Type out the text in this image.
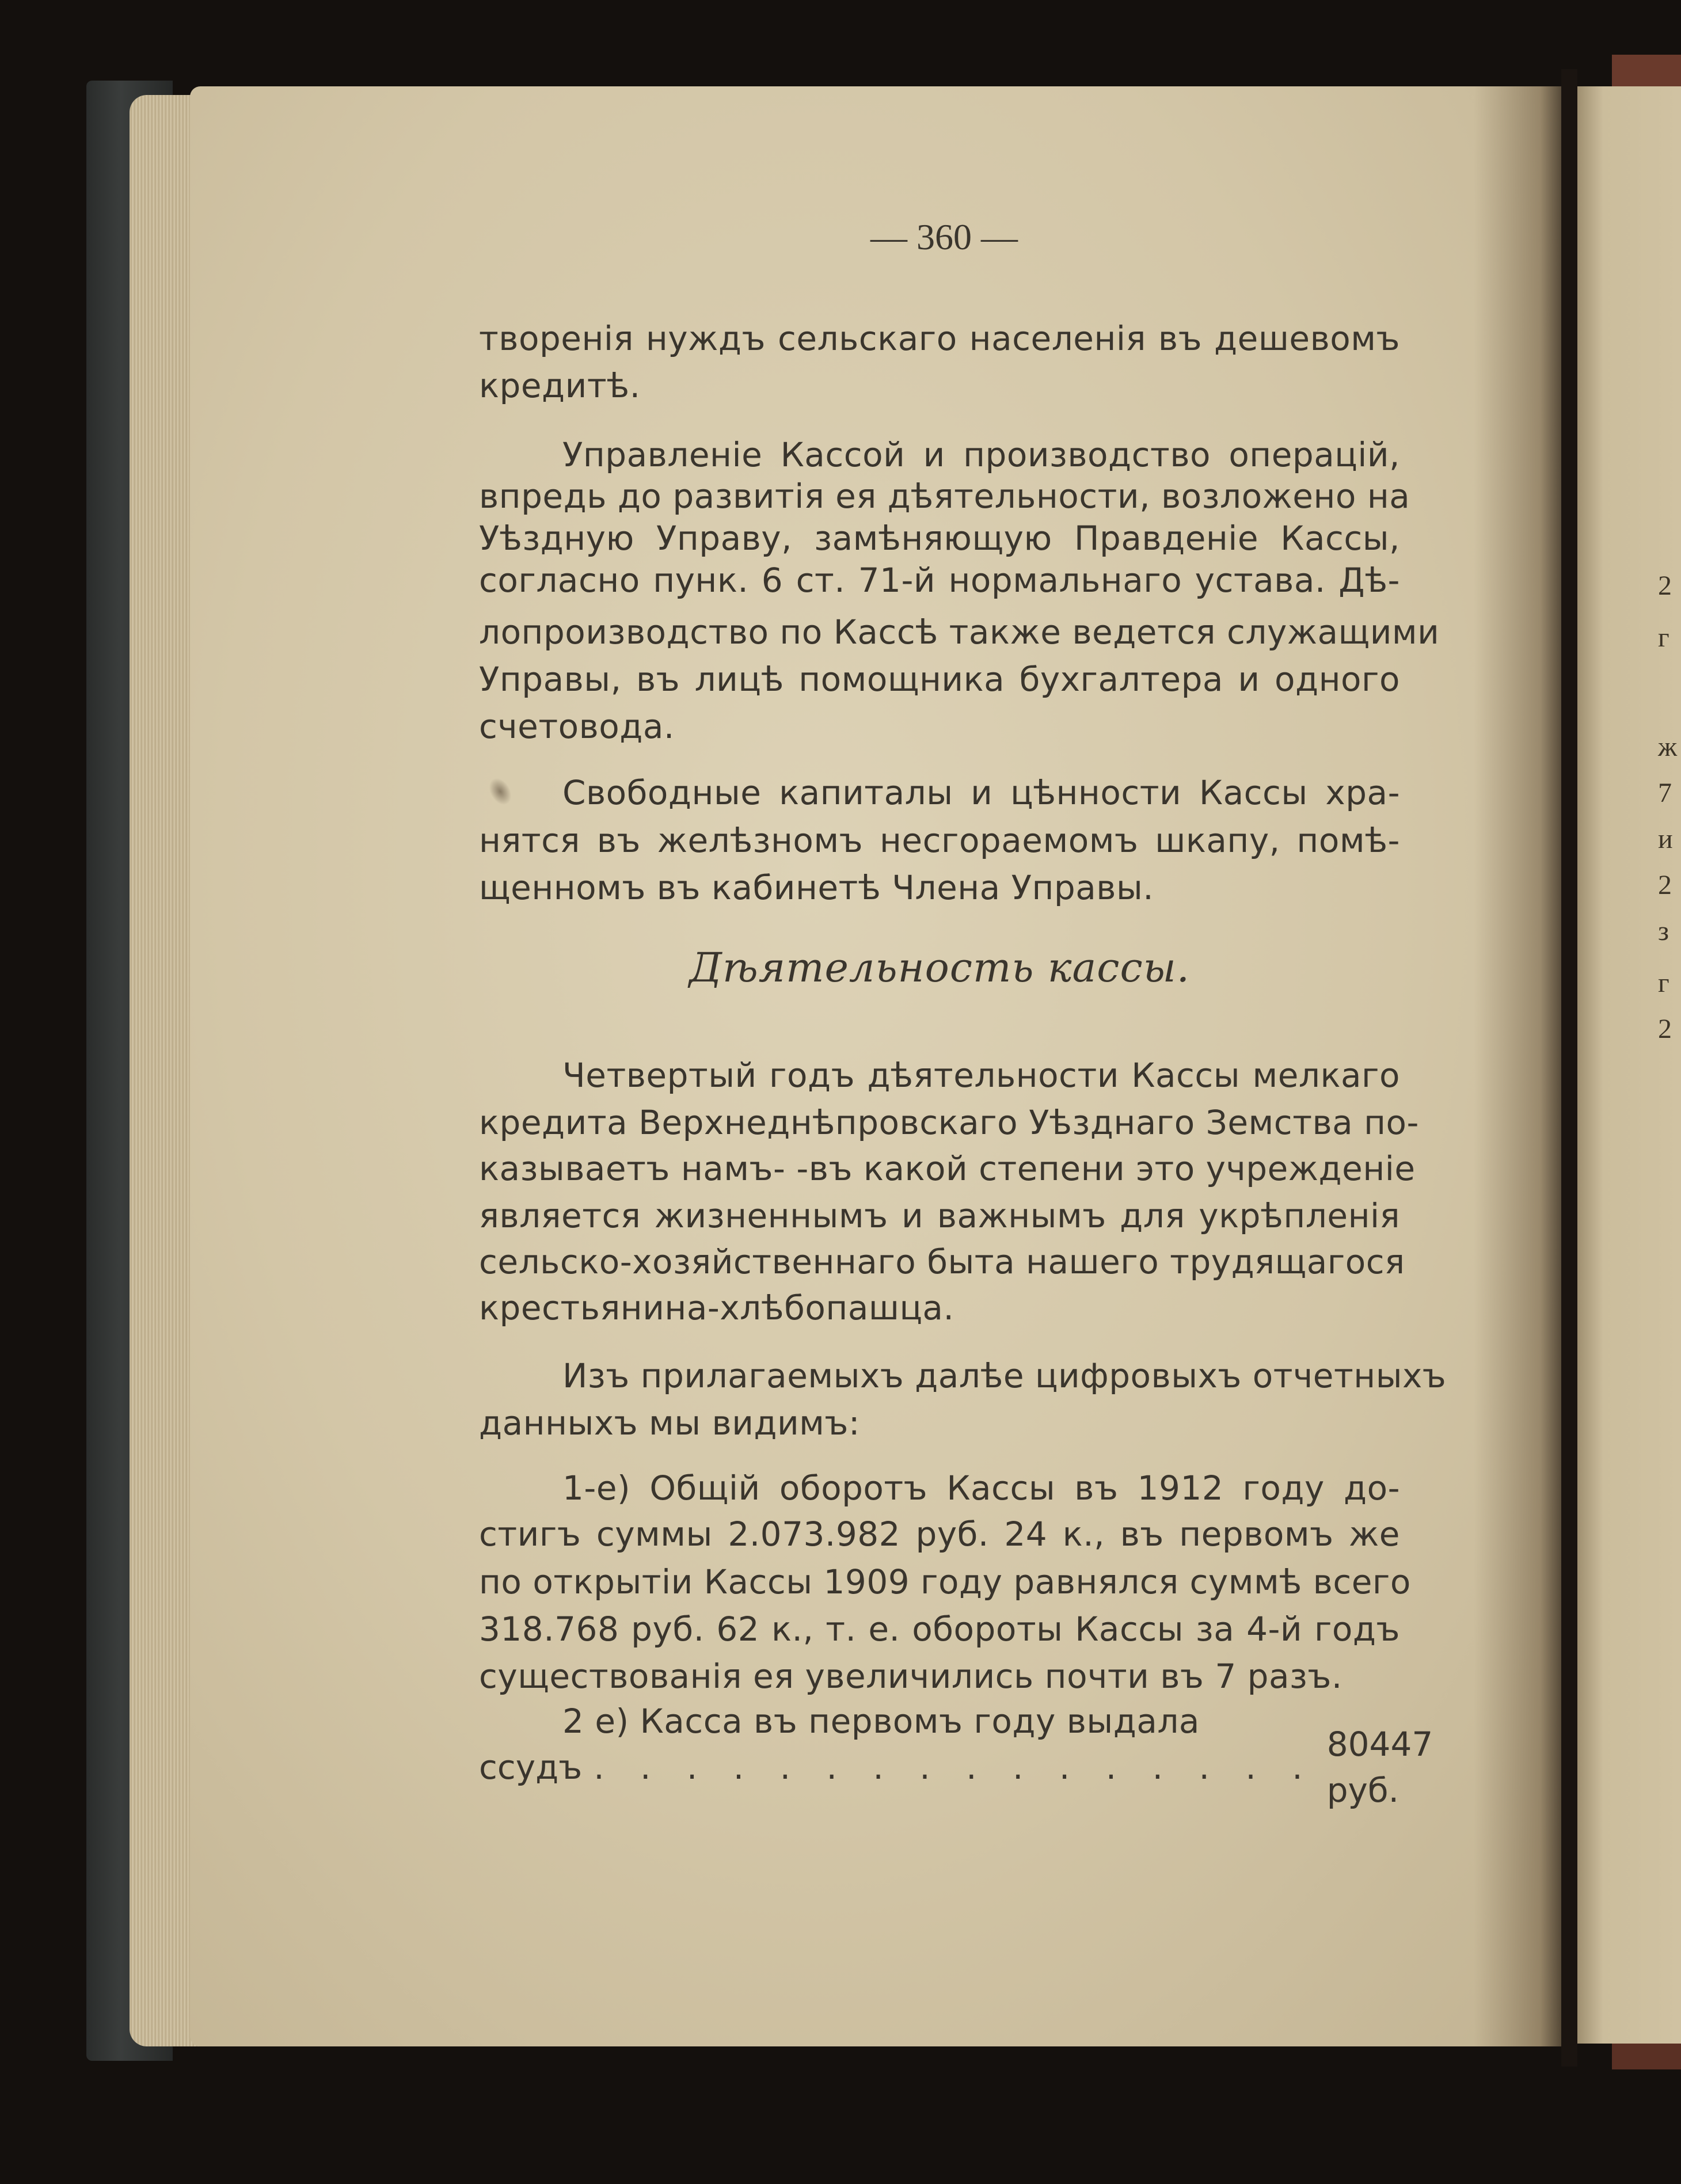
2
г
ж
7
и
2
з
г
2
— 360 —
творенія нуждъ сельскаго населенія въ дешевомъ
кредитѣ.
Управленіе Кассой и производство операцій,
впредь до развитія ея дѣятельности, возложено на
Уѣздную Управу, замѣняющую Правденіе Кассы,
согласно пунк. 6 ст. 71-й нормальнаго устава. Дѣ-
лопроизводство по Кассѣ также ведется служащими
Управы, въ лицѣ помощника бухгалтера и одного
счетовода.
Свободные капиталы и цѣнности Кассы хра-
нятся въ желѣзномъ несгораемомъ шкапу, помѣ-
щенномъ въ кабинетѣ Члена Управы.
Дѣятельность кассы.
Четвертый годъ дѣятельности Кассы мелкаго
кредита Верхнеднѣпровскаго Уѣзднаго Земства по-
казываетъ намъ- -въ какой степени это учрежденіе
является жизненнымъ и важнымъ для укрѣпленія
сельско-хозяйственнаго быта нашего трудящагося
крестьянина-хлѣбопашца.
Изъ прилагаемыхъ далѣе цифровыхъ отчетныхъ
данныхъ мы видимъ:
1-е) Общій оборотъ Кассы въ 1912 году до-
стигъ суммы 2.073.982 руб. 24 к., въ первомъ же
по открытіи Кассы 1909 году равнялся суммѣ всего
318.768 руб. 62 к., т. е. обороты Кассы за 4-й годъ
существованія ея увеличились почти въ 7 разъ.
2 е) Касса въ первомъ году выдала
ссудъ . . . . . . . . . . . . . . . .
80447 руб.
